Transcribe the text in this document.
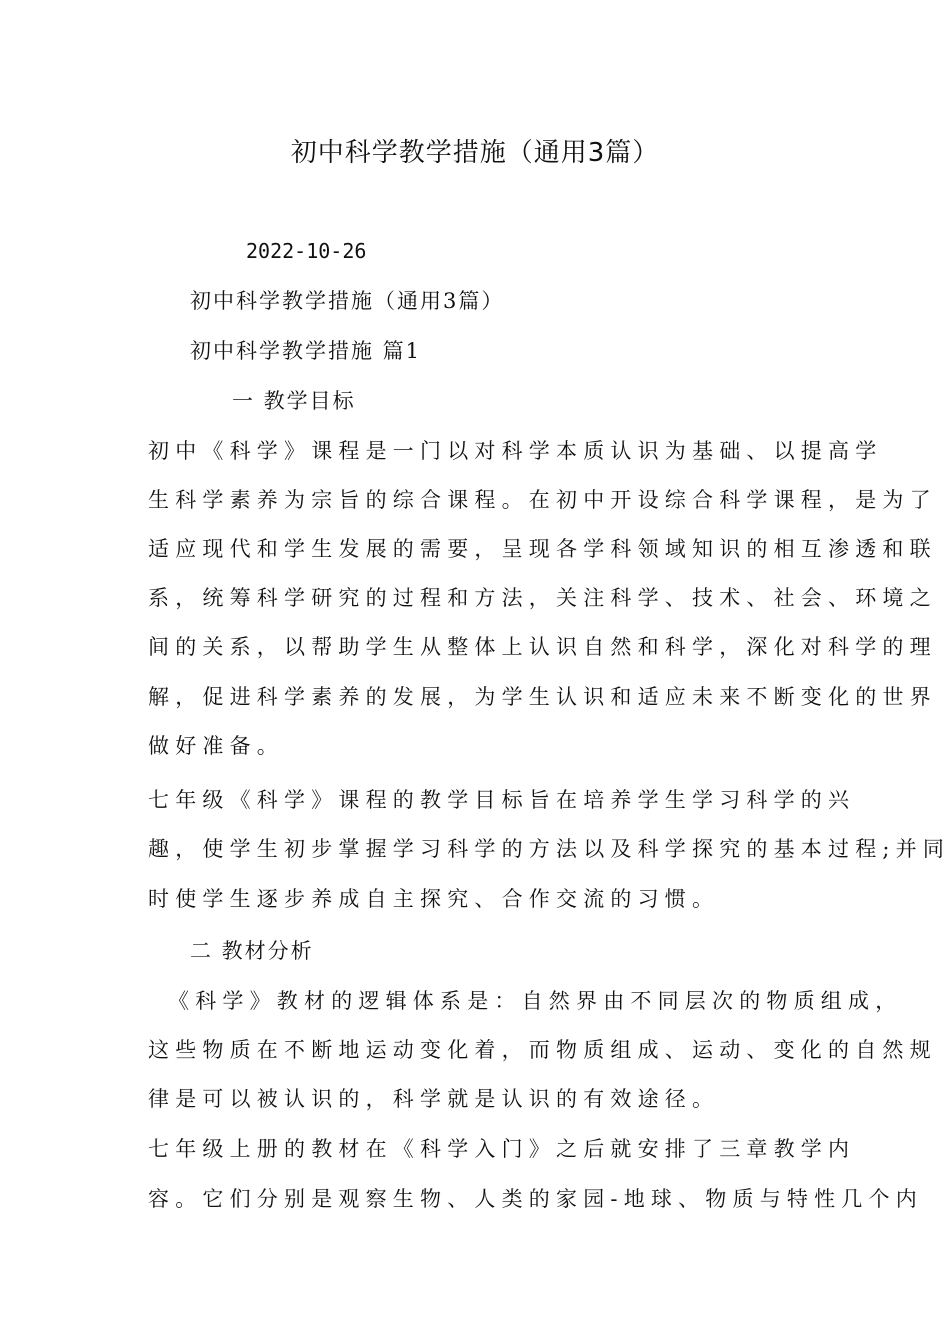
初中科学教学措施（通用3篇）
2022-10-26
初中科学教学措施（通用3篇）
初中科学教学措施 篇1
一 教学目标
初中《科学》课程是一门以对科学本质认识为基础、以提高学
生科学素养为宗旨的综合课程。在初中开设综合科学课程，是为了
适应现代和学生发展的需要，呈现各学科领域知识的相互渗透和联
系，统筹科学研究的过程和方法，关注科学、技术、社会、环境之
间的关系，以帮助学生从整体上认识自然和科学，深化对科学的理
解，促进科学素养的发展，为学生认识和适应未来不断变化的世界
做好准备。
七年级《科学》课程的教学目标旨在培养学生学习科学的兴
趣，使学生初步掌握学习科学的方法以及科学探究的基本过程;并同
时使学生逐步养成自主探究、合作交流的习惯。
二 教材分析
《科学》教材的逻辑体系是：自然界由不同层次的物质组成，
这些物质在不断地运动变化着，而物质组成、运动、变化的自然规
律是可以被认识的，科学就是认识的有效途径。
七年级上册的教材在《科学入门》之后就安排了三章教学内
容。它们分别是观察生物、人类的家园-地球、物质与特性几个内
